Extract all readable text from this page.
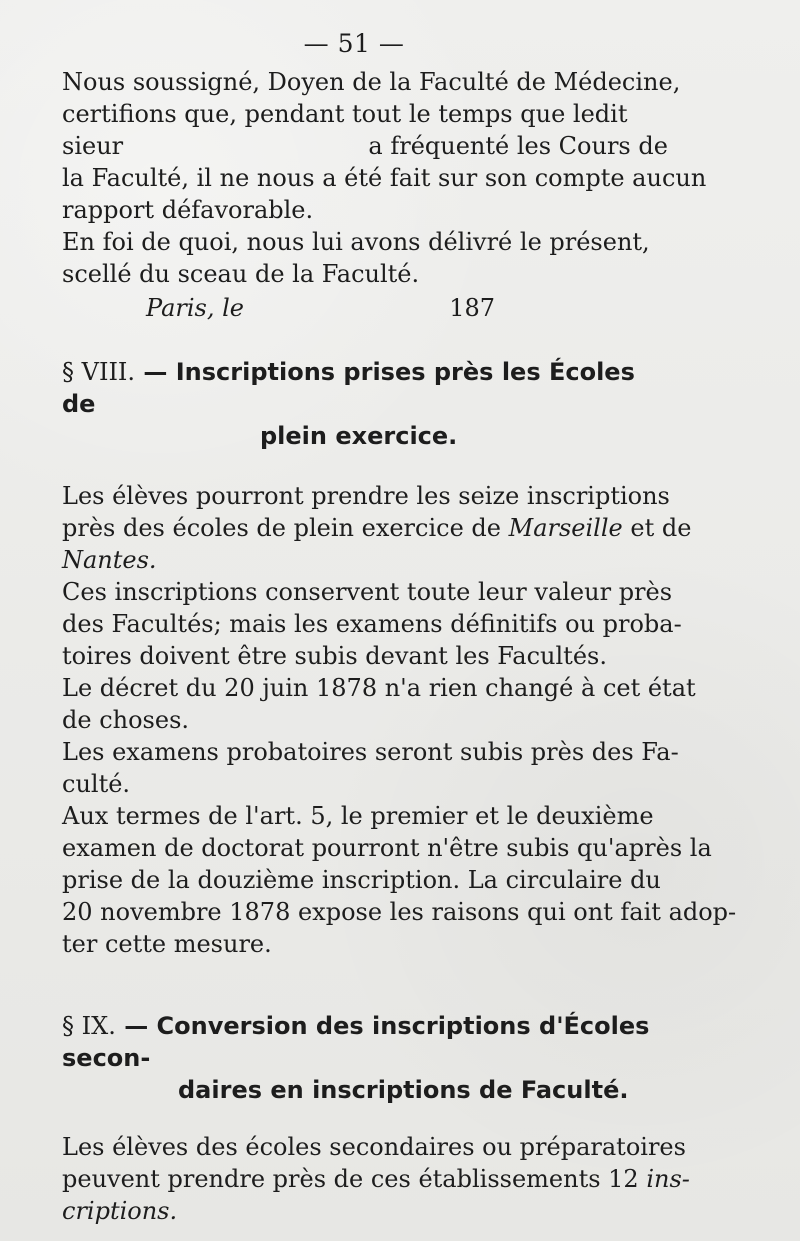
— 51 —
Nous soussigné, Doyen de la Faculté de Médecine,
certifions que, pendant tout le temps que ledit
sieur	a fréquenté les Cours de
la Faculté, il ne nous a été fait sur son compte aucun
rapport défavorable.
En foi de quoi, nous lui avons délivré le présent,
scellé du sceau de la Faculté.
Paris, le	187
§ VIII. — Inscriptions prises près les Écoles de
plein exercice.
Les élèves pourront prendre les seize inscriptions
près des écoles de plein exercice de Marseille et de
Nantes.
Ces inscriptions conservent toute leur valeur près
des Facultés; mais les examens définitifs ou proba-
toires doivent être subis devant les Facultés.
Le décret du 20 juin 1878 n'a rien changé à cet état
de choses.
Les examens probatoires seront subis près des Fa-
culté.
Aux termes de l'art. 5, le premier et le deuxième
examen de doctorat pourront n'être subis qu'après la
prise de la douzième inscription. La circulaire du
20 novembre 1878 expose les raisons qui ont fait adop-
ter cette mesure.
§ IX. — Conversion des inscriptions d'Écoles secon-
daires en inscriptions de Faculté.
Les élèves des écoles secondaires ou préparatoires
peuvent prendre près de ces établissements 12 ins-
criptions.
